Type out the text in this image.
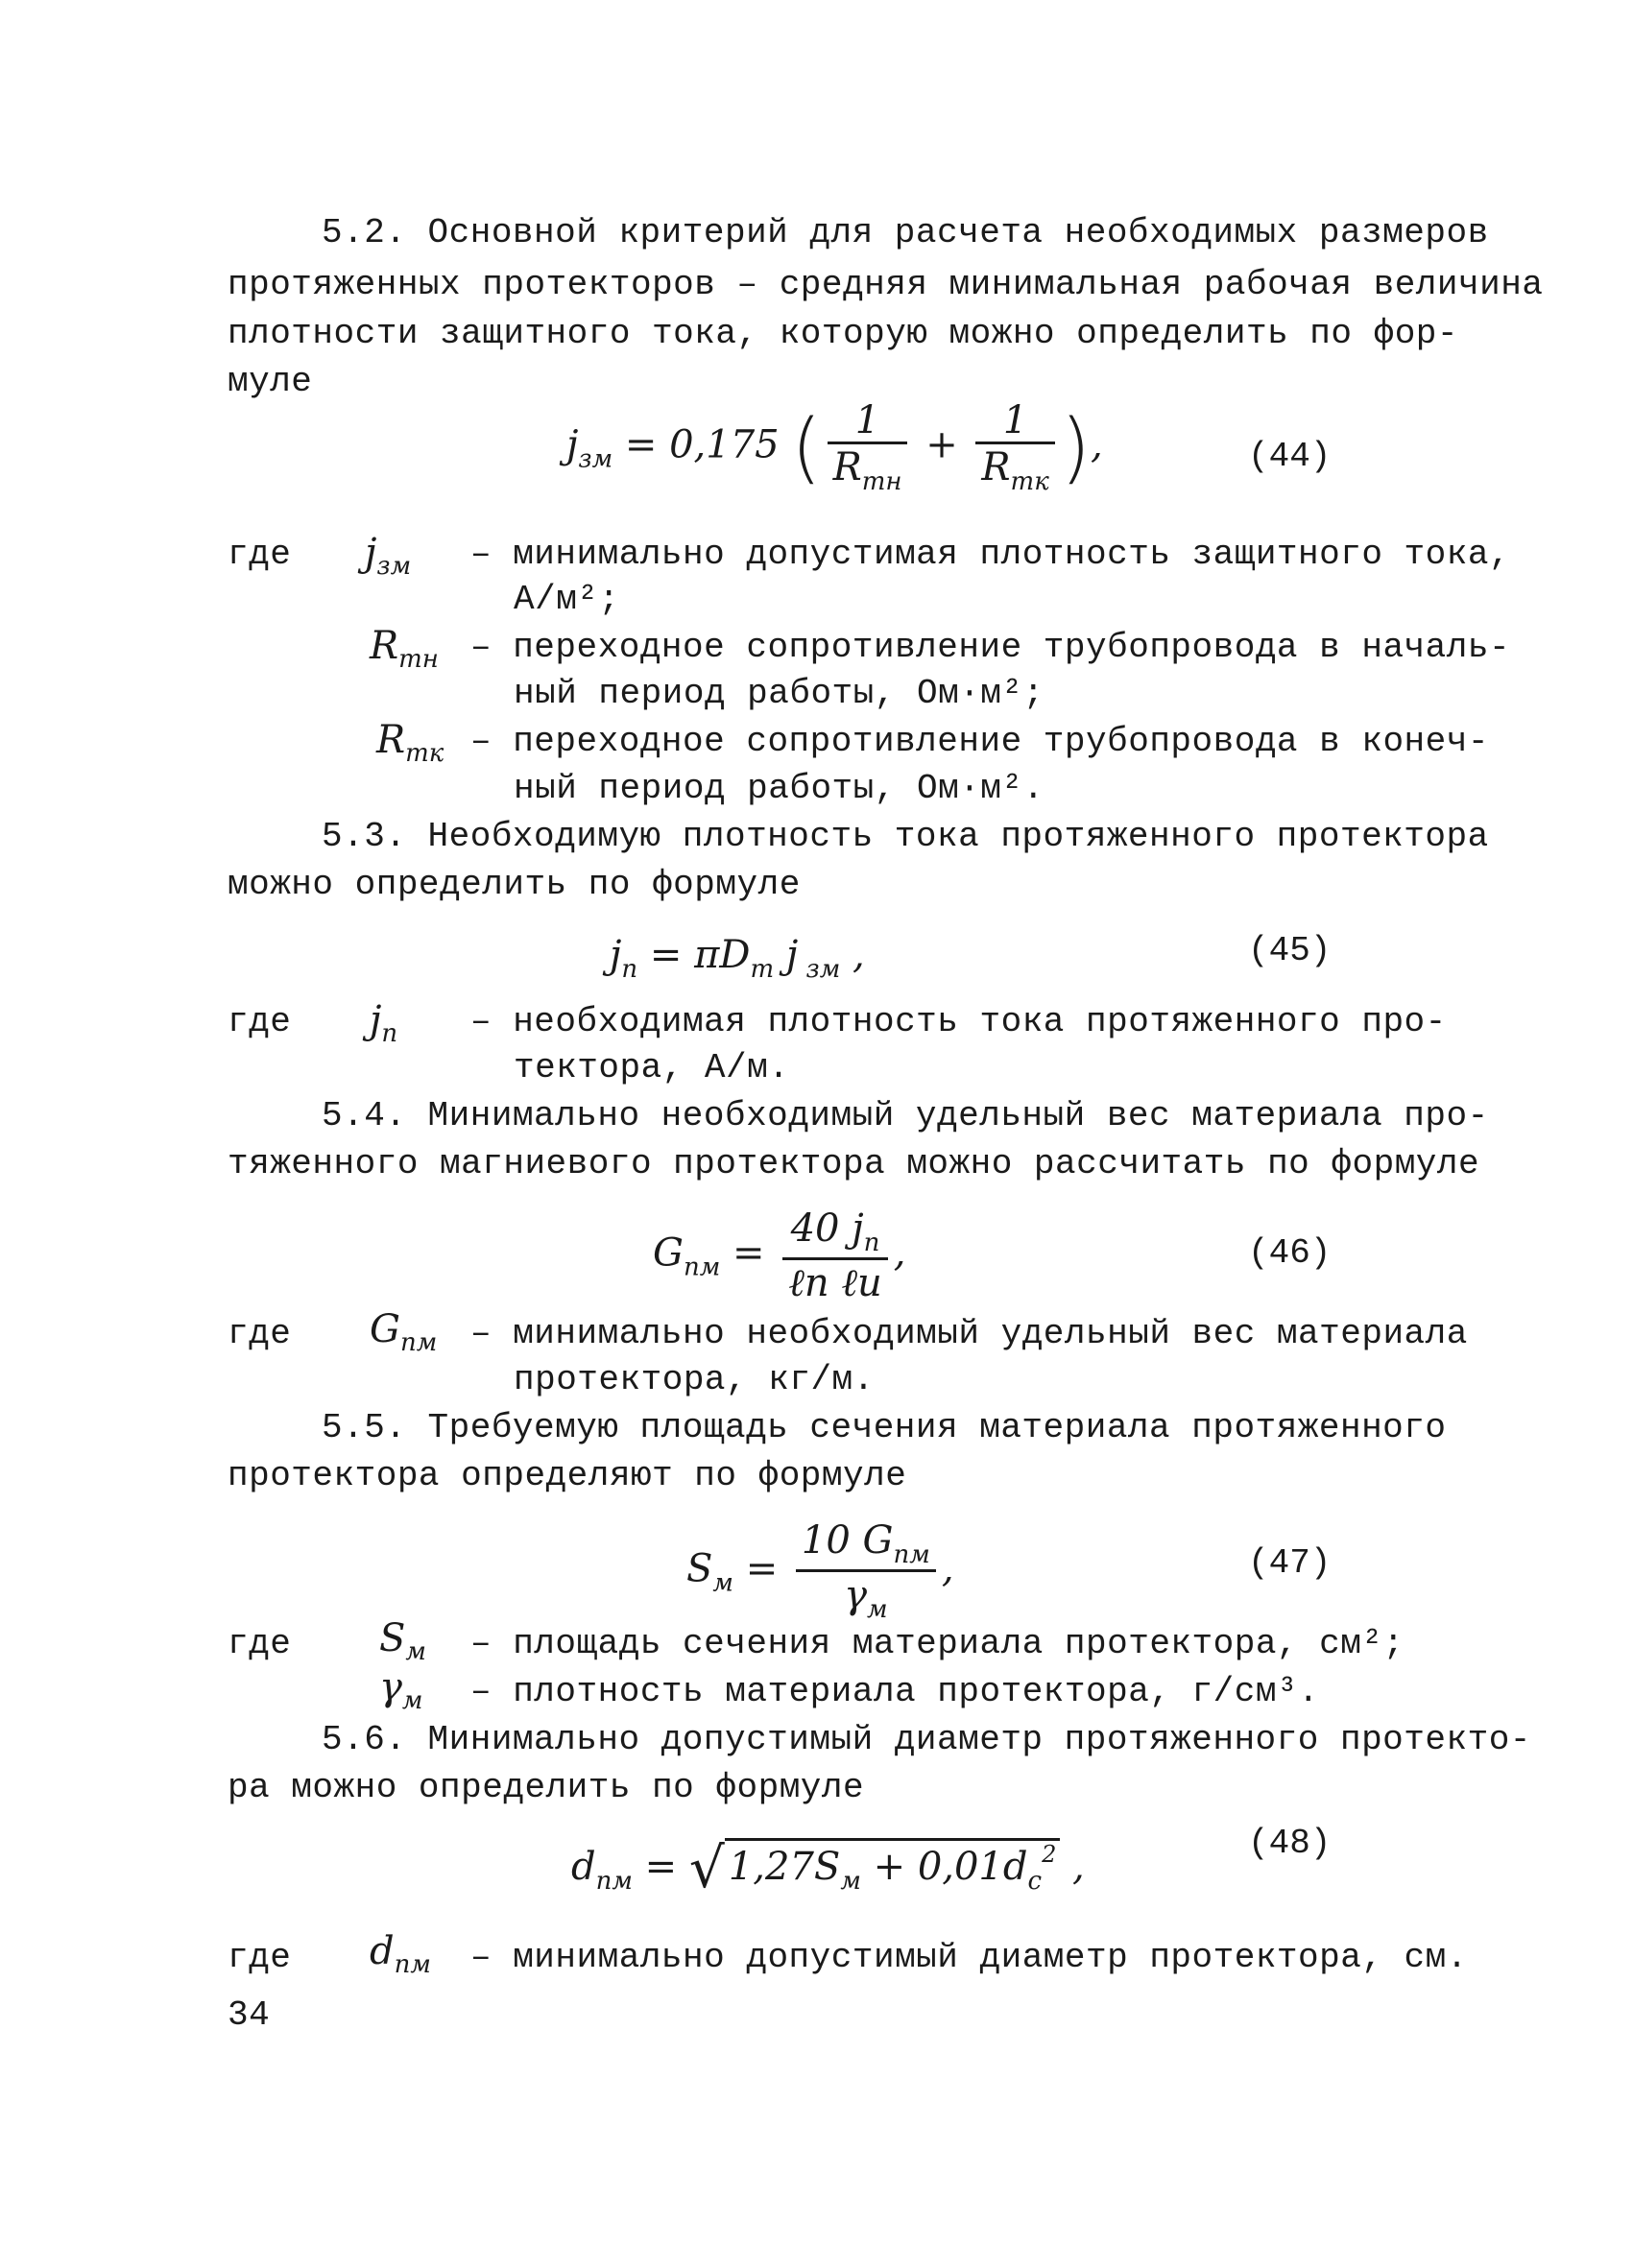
5.2. Основной критерий для расчета необходимых размеров
протяженных протекторов – средняя минимальная рабочая величина
плотности защитного тока, которую можно определить по фор-
муле
$j_{зм} = 0,175$ ( $\frac{1}{R_{тн}} + \frac{1}{R_{тк}}$ ),	(44)
где $j_{зм}$ – минимально допустимая плотность защитного тока,
А/м²;
$R_{тн}$ – переходное сопротивление трубопровода в началь-
ный период работы, Ом·м²;
$R_{тк}$ – переходное сопротивление трубопровода в конеч-
ный период работы, Ом·м².
5.3. Необходимую плотность тока протяженного протектора
можно определить по формуле
$j_п = \pi D_т$ j $_{зм}$ ,	(45)
где $j_п$ – необходимая плотность тока протяженного про-
тектора, А/м.
5.4. Минимально необходимый удельный вес материала про-
тяженного магниевого протектора можно рассчитать по формуле
$G_{пм} = \frac{40 j_п}{\text{ℓп ℓи}}$ ,	(46)
где $G_{пм}$ – минимально необходимый удельный вес материала
протектора, кг/м.
5.5. Требуемую площадь сечения материала протяженного
протектора определяют по формуле
$S_м = \frac{10 G_{пм}}{\gamma_м}$ ,	(47)
где $S_м$ – площадь сечения материала протектора, см²;
$\gamma_м$ – плотность материала протектора, г/см³.
5.6. Минимально допустимый диаметр протяженного протекто-
ра можно определить по формуле
$d_{пм}$ = √ $1,27S_м + 0,01d_с^2$ ,
(48)
где $d_{пм}$ – минимально допустимый диаметр протектора, см.
34
